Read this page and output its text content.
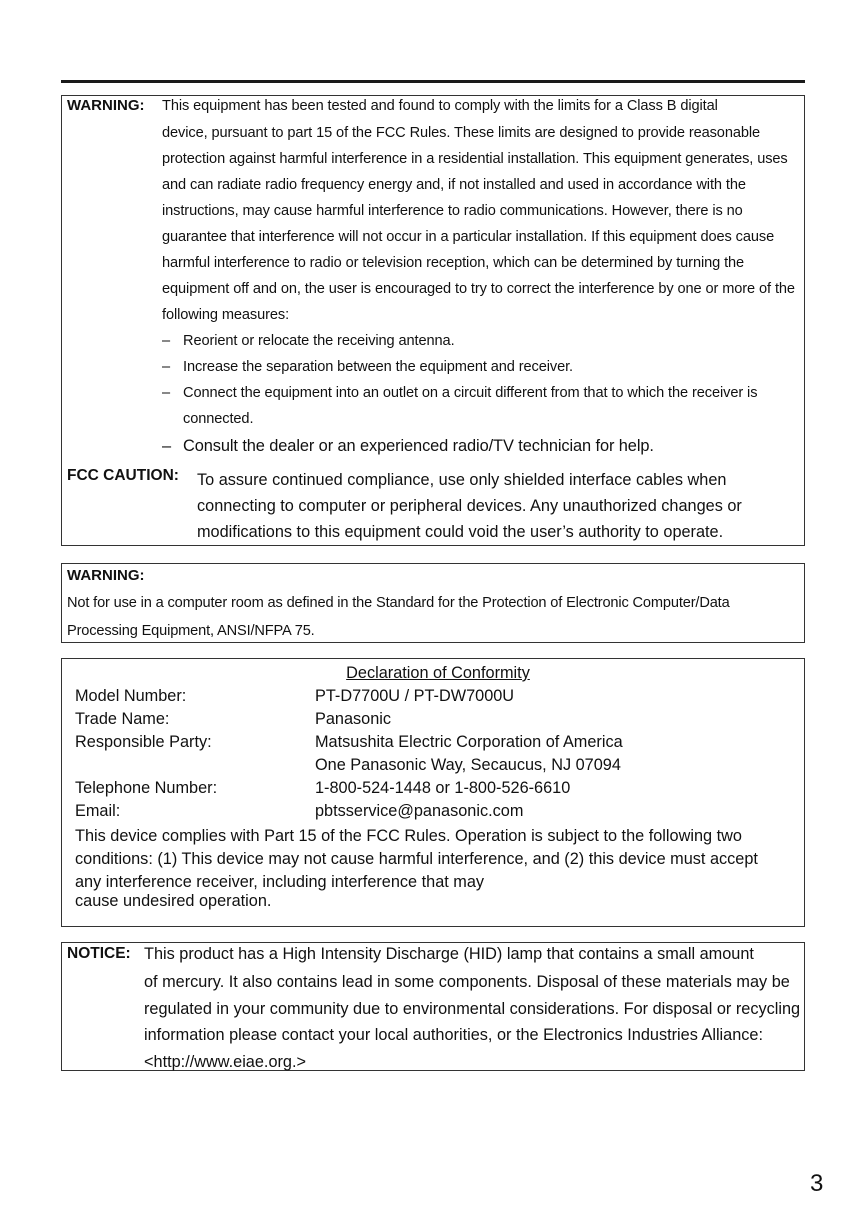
WARNING: This equipment has been tested and found to comply with the limits for a Class B digital
device, pursuant to part 15 of the FCC Rules. These limits are designed to provide reasonable protection against harmful interference in a residential installation. This equipment generates, uses and can radiate radio frequency energy and, if not installed and used in accordance with the instructions, may cause harmful interference to radio communications. However, there is no guarantee that interference will not occur in a particular installation. If this equipment does cause harmful interference to radio or television reception, which can be determined by turning the equipment off and on, the user is encouraged to try to correct the interference by one or more of the following measures:
– Reorient or relocate the receiving antenna.
– Increase the separation between the equipment and receiver.
– Connect the equipment into an outlet on a circuit different from that to which the receiver is connected.
– Consult the dealer or an experienced radio/TV technician for help.
FCC CAUTION: To assure continued compliance, use only shielded interface cables when connecting to computer or peripheral devices. Any unauthorized changes or modifications to this equipment could void the user’s authority to operate.
WARNING:
Not for use in a computer room as defined in the Standard for the Protection of Electronic Computer/Data Processing Equipment, ANSI/NFPA 75.
Declaration of Conformity
Model Number:	PT-D7700U / PT-DW7000U
Trade Name:	Panasonic
Responsible Party:	Matsushita Electric Corporation of America
One Panasonic Way, Secaucus, NJ 07094
Telephone Number:	1-800-524-1448 or 1-800-526-6610
Email:	pbtsservice@panasonic.com
This device complies with Part 15 of the FCC Rules. Operation is subject to the following two conditions: (1) This device may not cause harmful interference, and (2) this device must accept any interference receiver, including interference that may
cause undesired operation.
NOTICE: This product has a High Intensity Discharge (HID) lamp that contains a small amount
of mercury. It also contains lead in some components. Disposal of these materials may be regulated in your community due to environmental considerations. For disposal or recycling information please contact your local authorities, or the Electronics Industries Alliance: <http://www.eiae.org.>
3
